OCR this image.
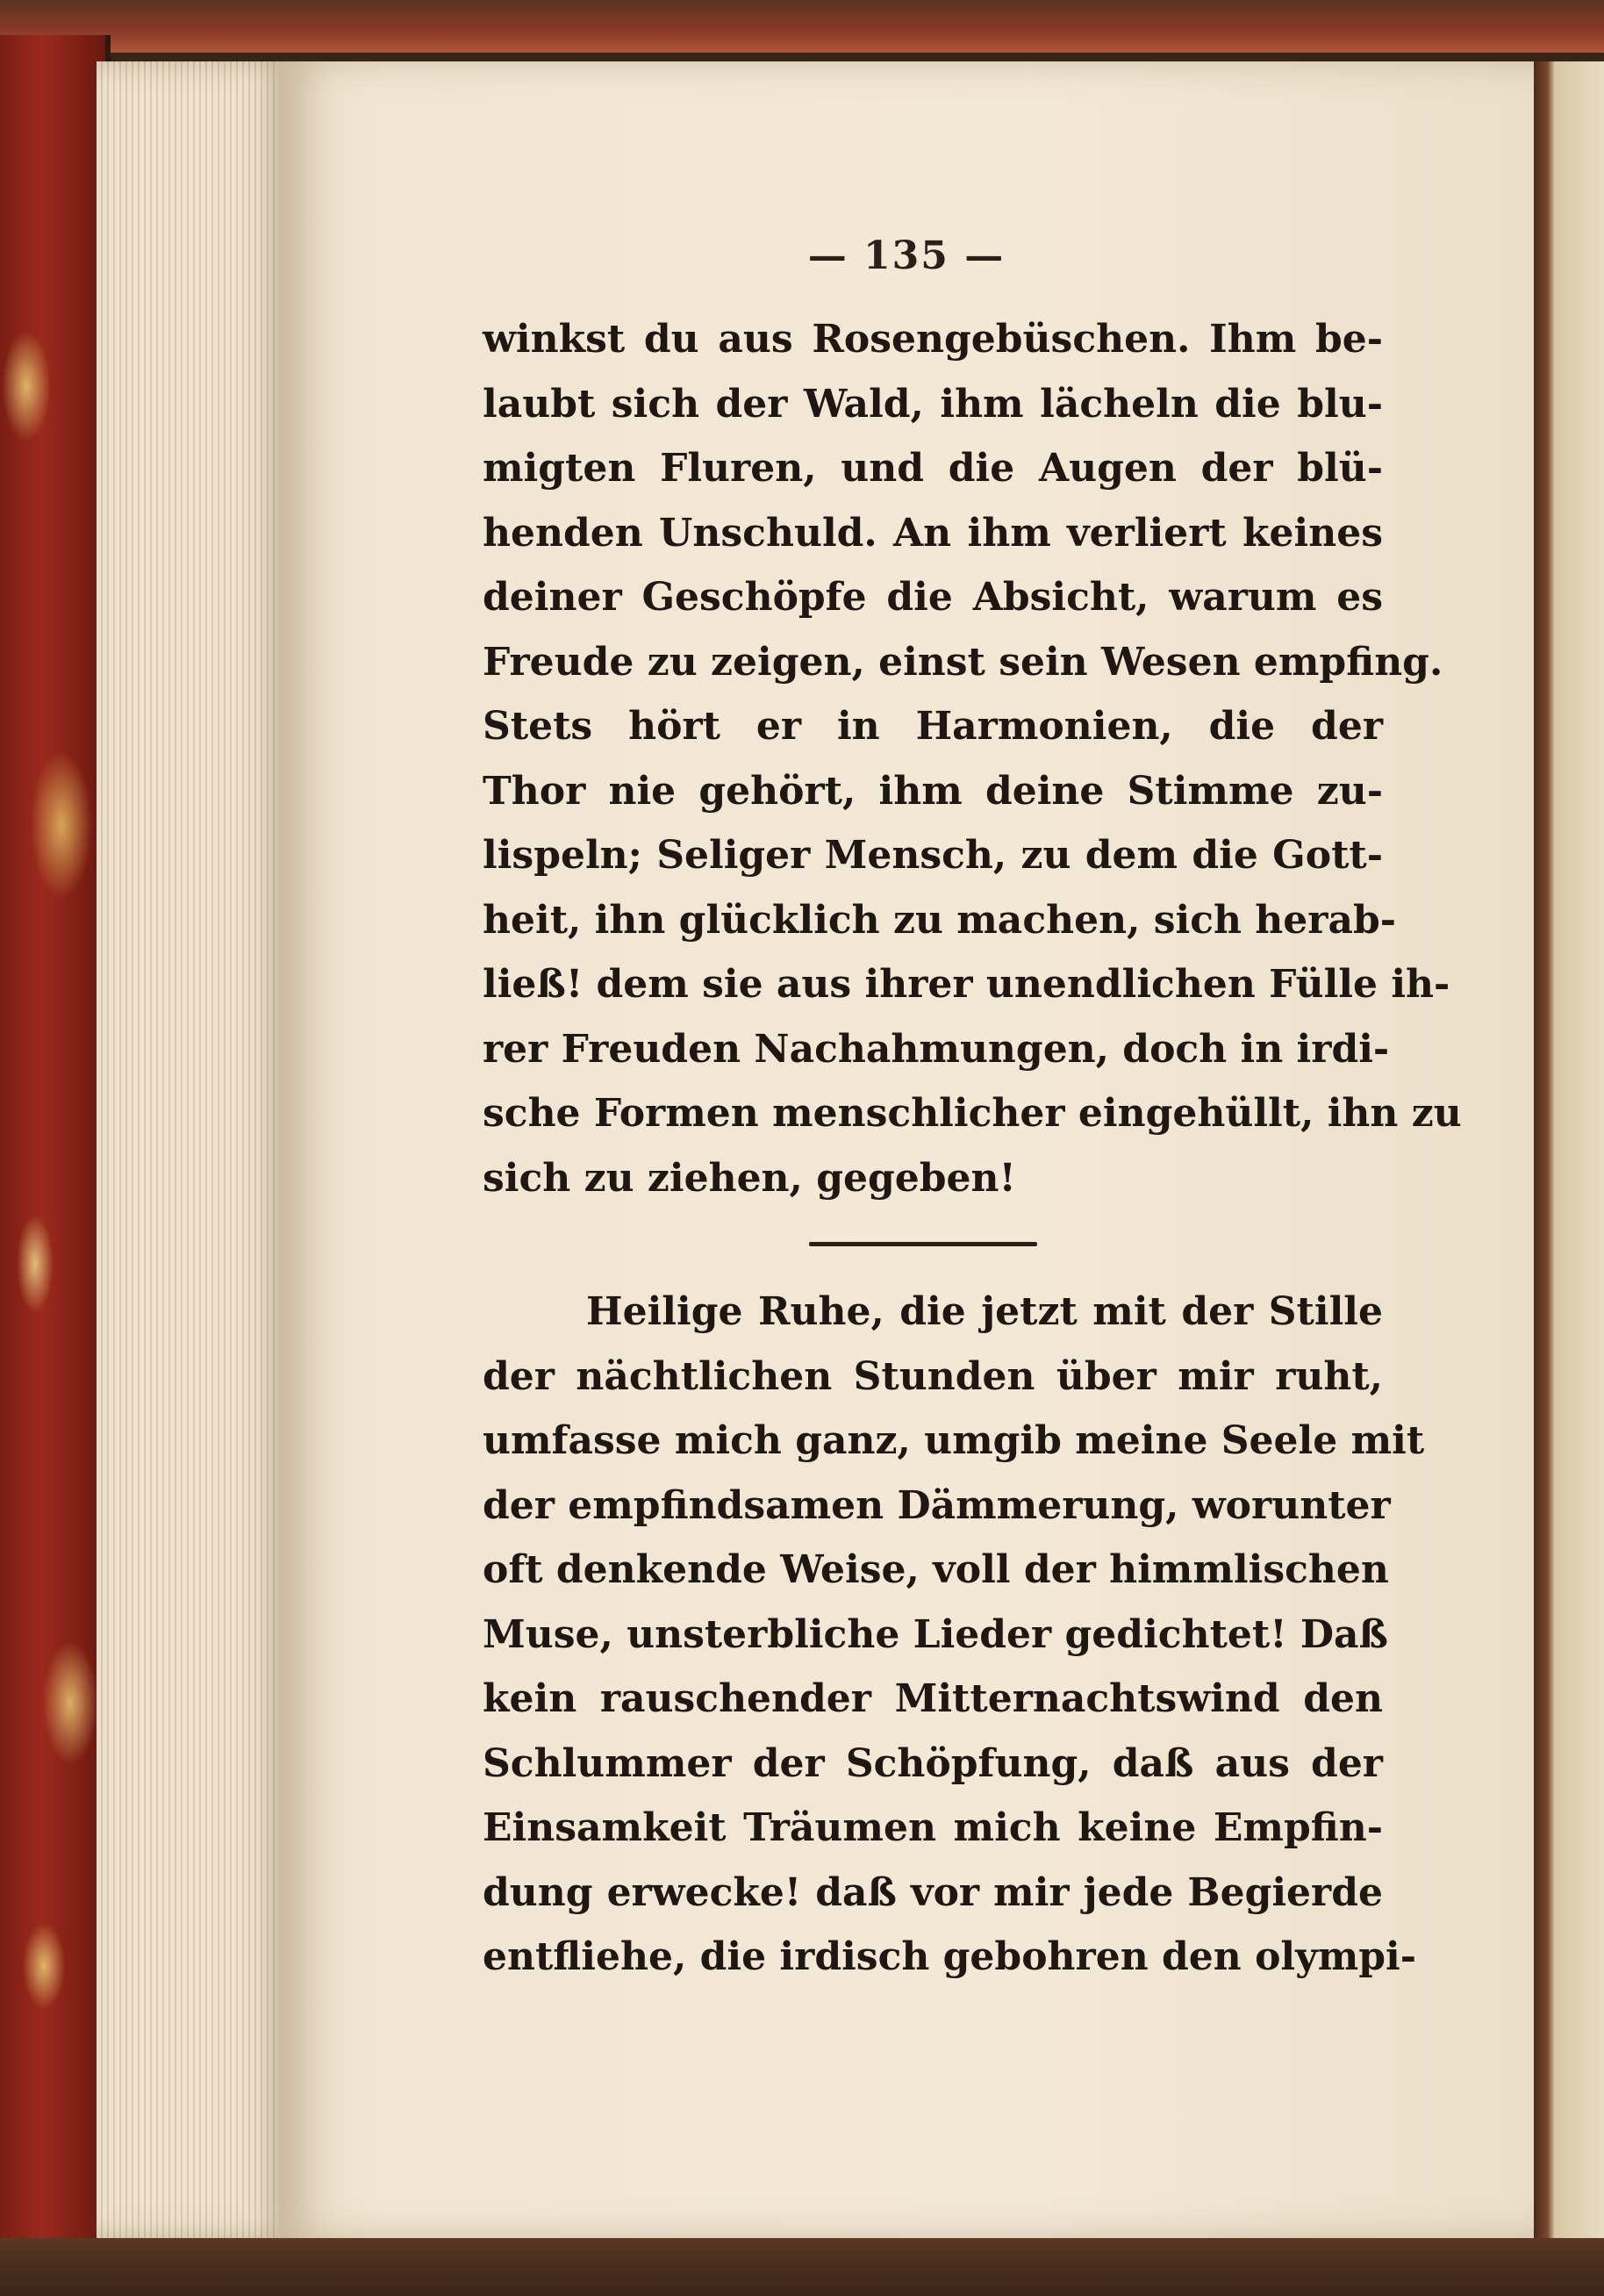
— 135 —
winkst du aus Rosengebüschen. Ihm be-
laubt sich der Wald, ihm lächeln die blu-
migten Fluren, und die Augen der blü-
henden Unschuld. An ihm verliert keines
deiner Geschöpfe die Absicht, warum es
Freude zu zeigen, einst sein Wesen empfing.
Stets hört er in Harmonien, die der
Thor nie gehört, ihm deine Stimme zu-
lispeln; Seliger Mensch, zu dem die Gott-
heit, ihn glücklich zu machen, sich herab-
ließ! dem sie aus ihrer unendlichen Fülle ih-
rer Freuden Nachahmungen, doch in irdi-
sche Formen menschlicher eingehüllt, ihn zu
sich zu ziehen, gegeben!
Heilige Ruhe, die jetzt mit der Stille
der nächtlichen Stunden über mir ruht,
umfasse mich ganz, umgib meine Seele mit
der empfindsamen Dämmerung, worunter
oft denkende Weise, voll der himmlischen
Muse, unsterbliche Lieder gedichtet! Daß
kein rauschender Mitternachtswind den
Schlummer der Schöpfung, daß aus der
Einsamkeit Träumen mich keine Empfin-
dung erwecke! daß vor mir jede Begierde
entfliehe, die irdisch gebohren den olympi-
